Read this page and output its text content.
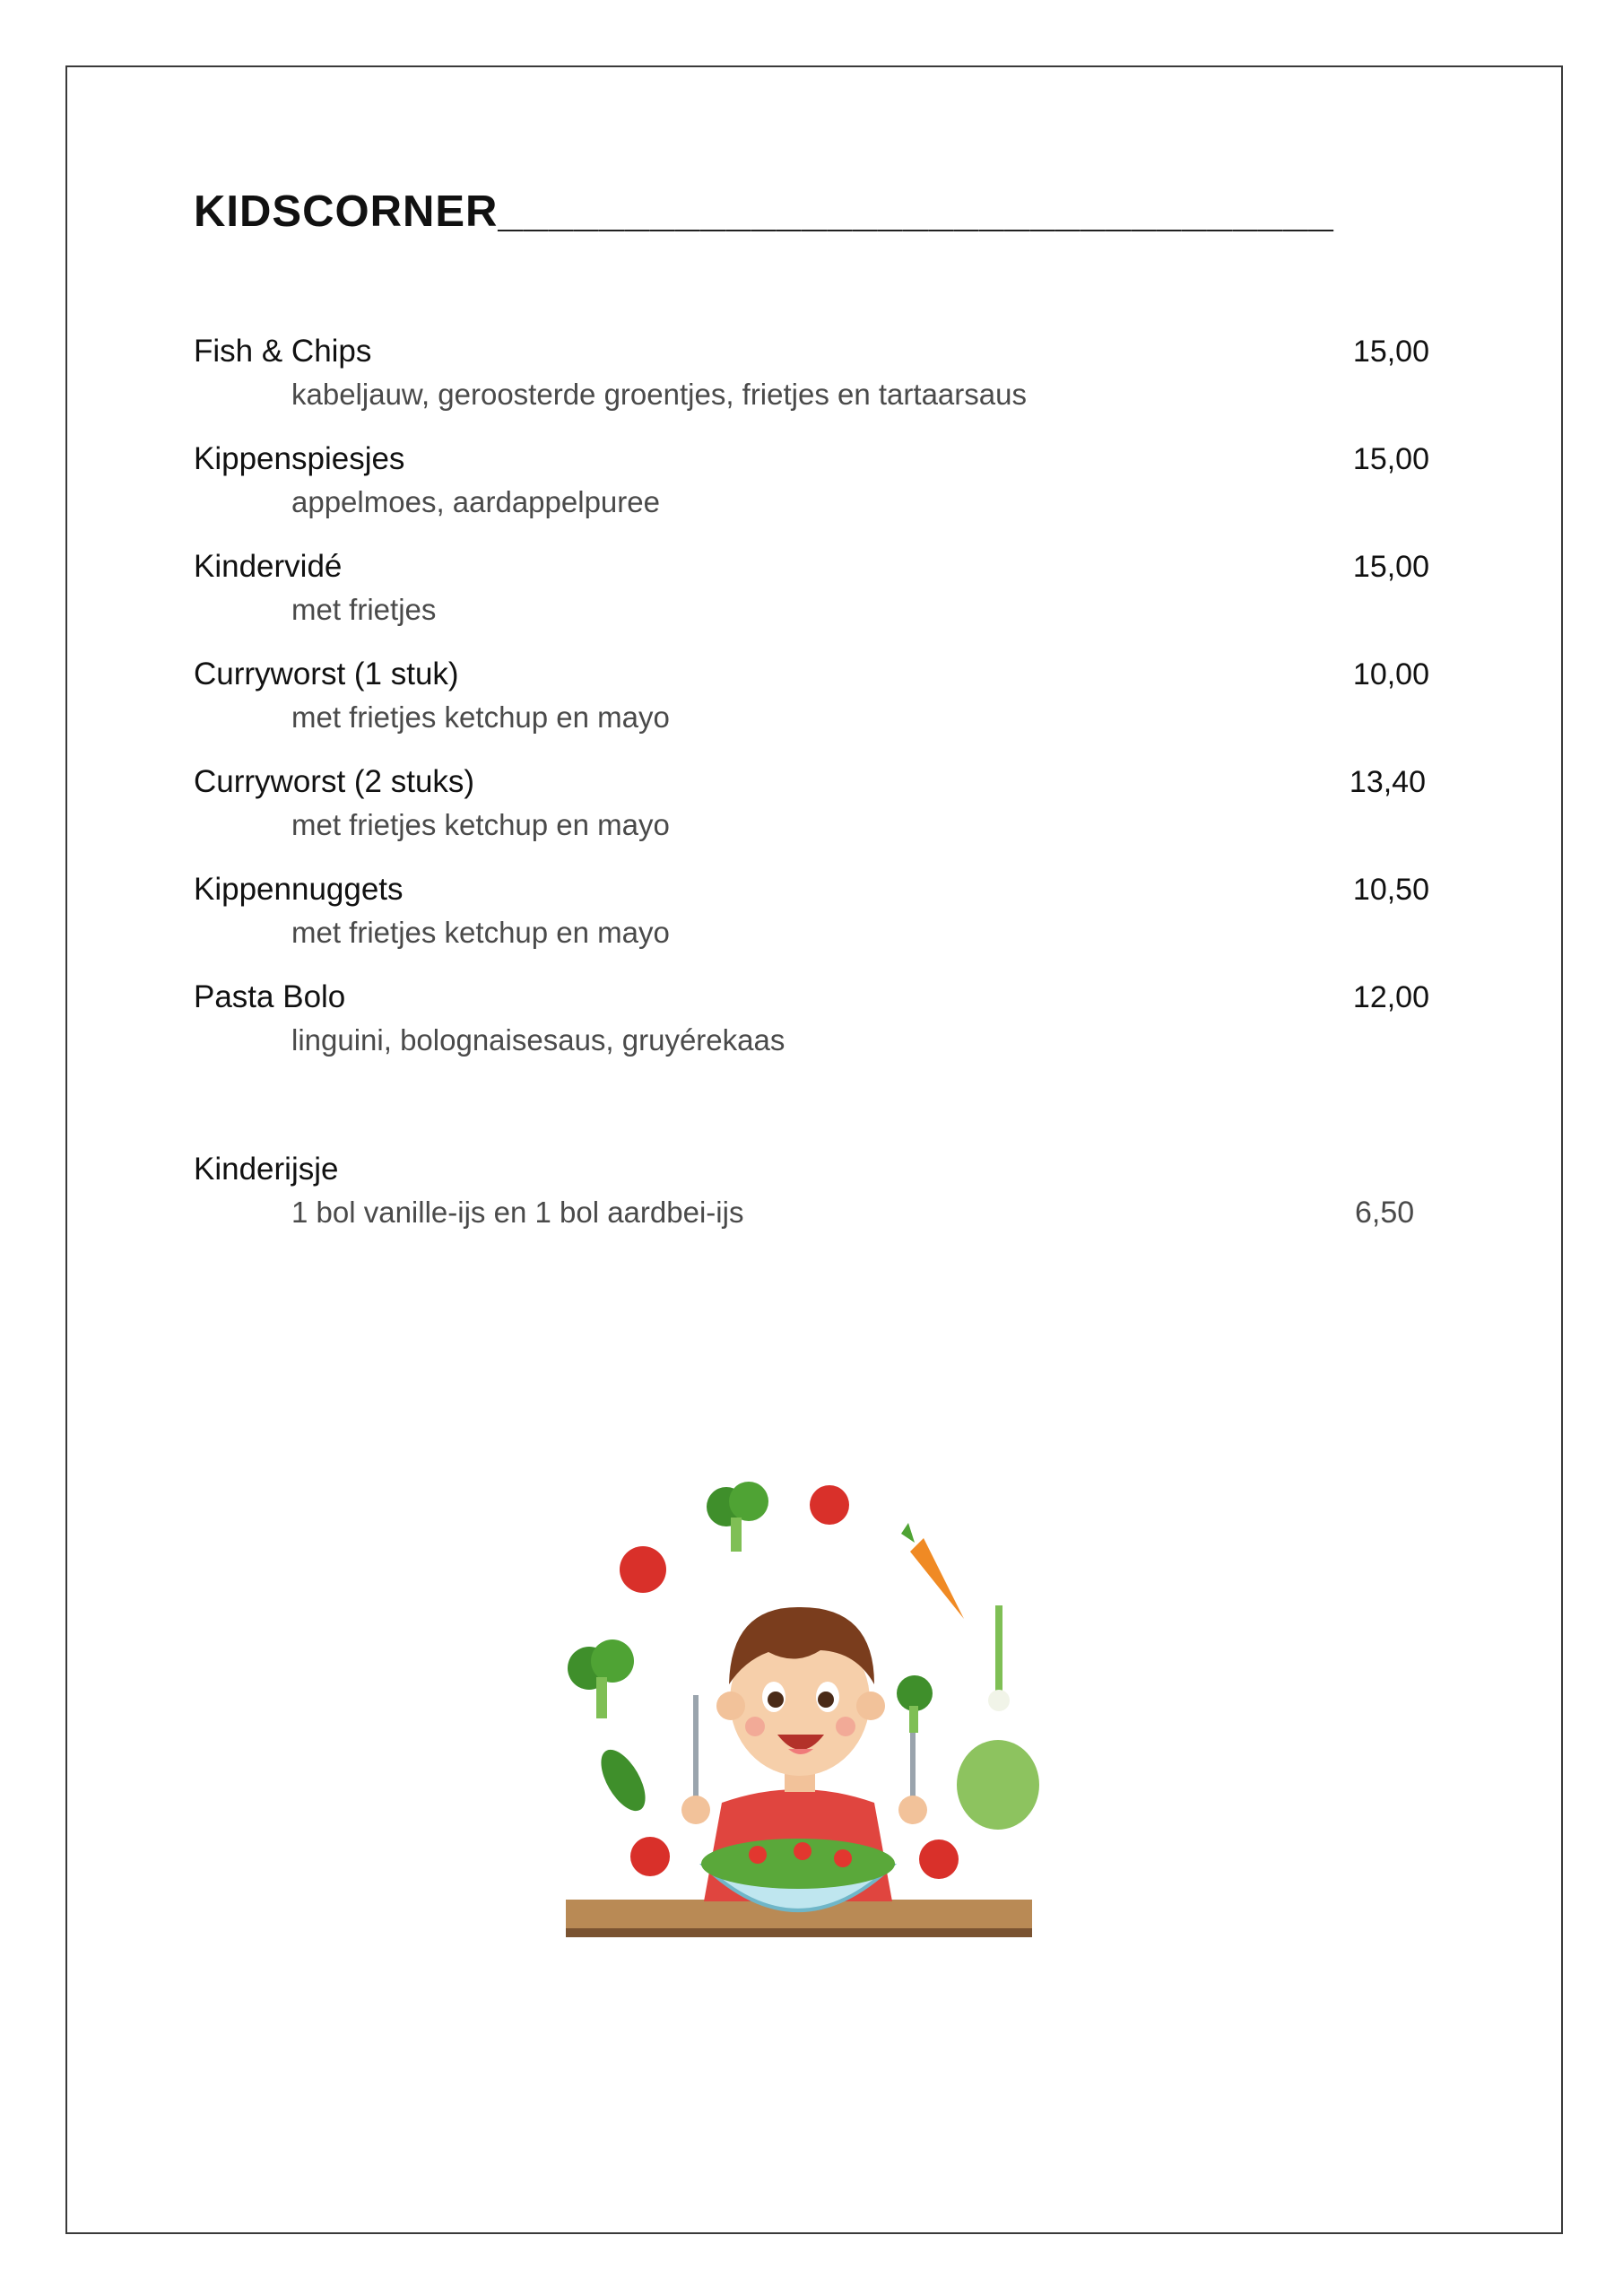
KIDSCORNER_________________________________
Fish & Chips
kabeljauw, geroosterde groentjes, frietjes en tartaarsaus
15,00
Kippenspiesjes
appelmoes, aardappelpuree
15,00
Kindervidé
met frietjes
15,00
Curryworst (1 stuk)
met frietjes ketchup en mayo
10,00
Curryworst (2 stuks)
met frietjes ketchup en mayo
13,40
Kippennuggets
met frietjes ketchup en mayo
10,50
Pasta Bolo
linguini, bolognaisesaus, gruyérekaas
12,00
Kinderijsje
1 bol vanille-ijs en 1 bol aardbei-ijs	6,50
